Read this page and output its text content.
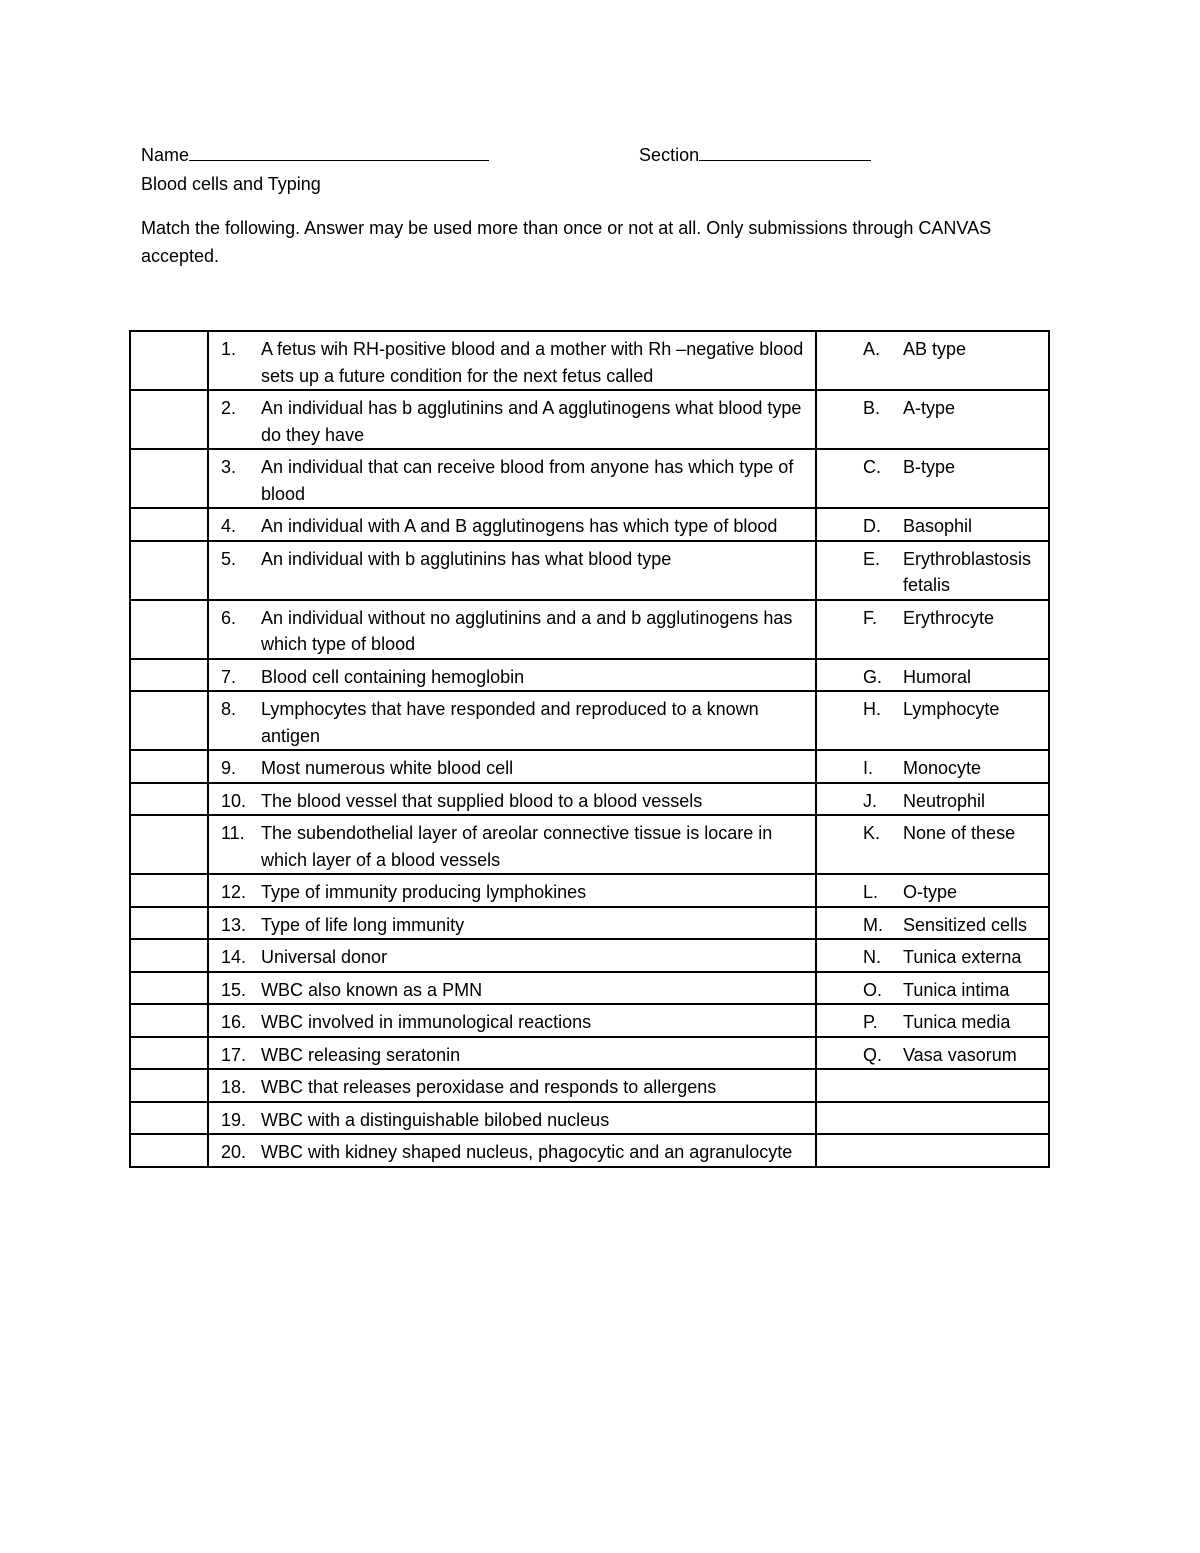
Name	Section
Blood cells and Typing
Match the following. Answer may be used more than once or not at all. Only submissions through CANVAS accepted.

	1. A fetus wih RH-positive blood and a mother with Rh –negative blood sets up a future condition for the next fetus called	A. AB type

	2. An individual has b agglutinins and A agglutinogens what blood type do they have	B. A-type

	3. An individual that can receive blood from anyone has which type of blood	C. B-type

	4. An individual with A and B agglutinogens has which type of blood	D. Basophil

	5. An individual with b agglutinins has what blood type	E. Erythroblastosis fetalis

	6. An individual without no agglutinins and a and b agglutinogens has which type of blood	F. Erythrocyte

	7. Blood cell containing hemoglobin	G. Humoral

	8. Lymphocytes that have responded and reproduced to a known antigen	H. Lymphocyte

	9. Most numerous white blood cell	I. Monocyte

	10. The blood vessel that supplied blood to a blood vessels	J. Neutrophil

	11. The subendothelial layer of areolar connective tissue is locare in which layer of a blood vessels	K. None of these

	12. Type of immunity producing lymphokines	L. O-type

	13. Type of life long immunity	M. Sensitized cells

	14. Universal donor	N. Tunica externa

	15. WBC also known as a PMN	O. Tunica intima

	16. WBC involved in immunological reactions	P. Tunica media

	17. WBC releasing seratonin	Q. Vasa vasorum

	18. WBC that releases peroxidase and responds to allergens	

	19. WBC with a distinguishable bilobed nucleus	

	20. WBC with kidney shaped nucleus, phagocytic and an agranulocyte	
